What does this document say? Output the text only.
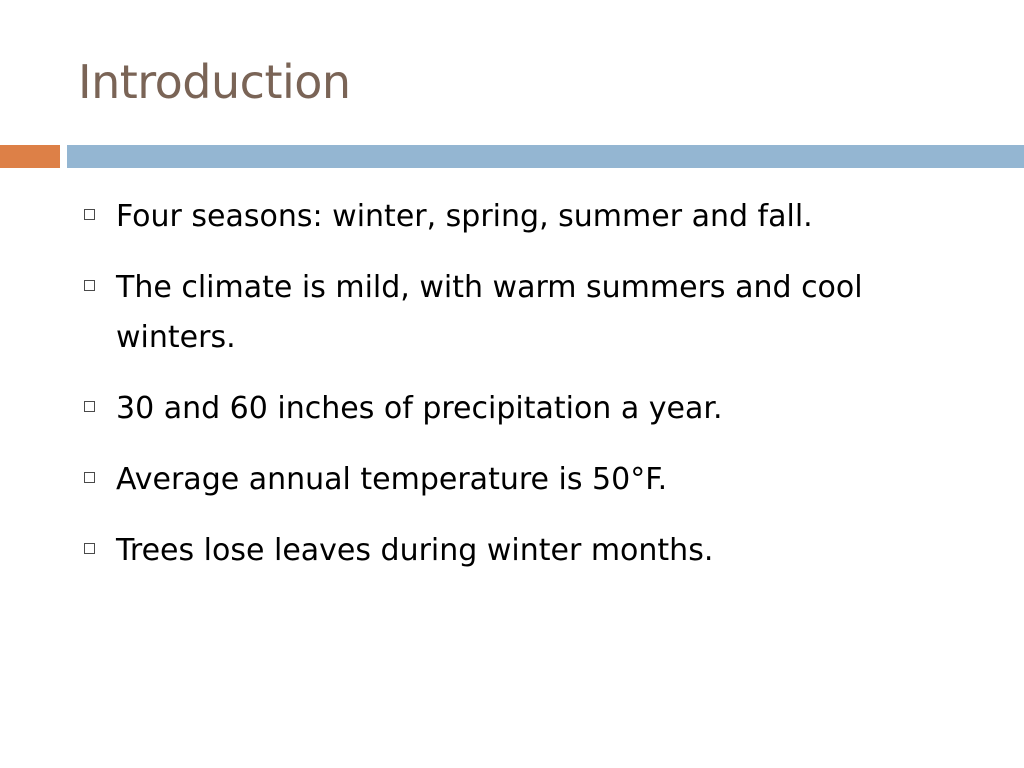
Introduction
Four seasons: winter, spring, summer and fall.
The climate is mild, with warm summers and cool winters.
30 and 60 inches of precipitation a year.
Average annual temperature is 50°F.
Trees lose leaves during winter months.
